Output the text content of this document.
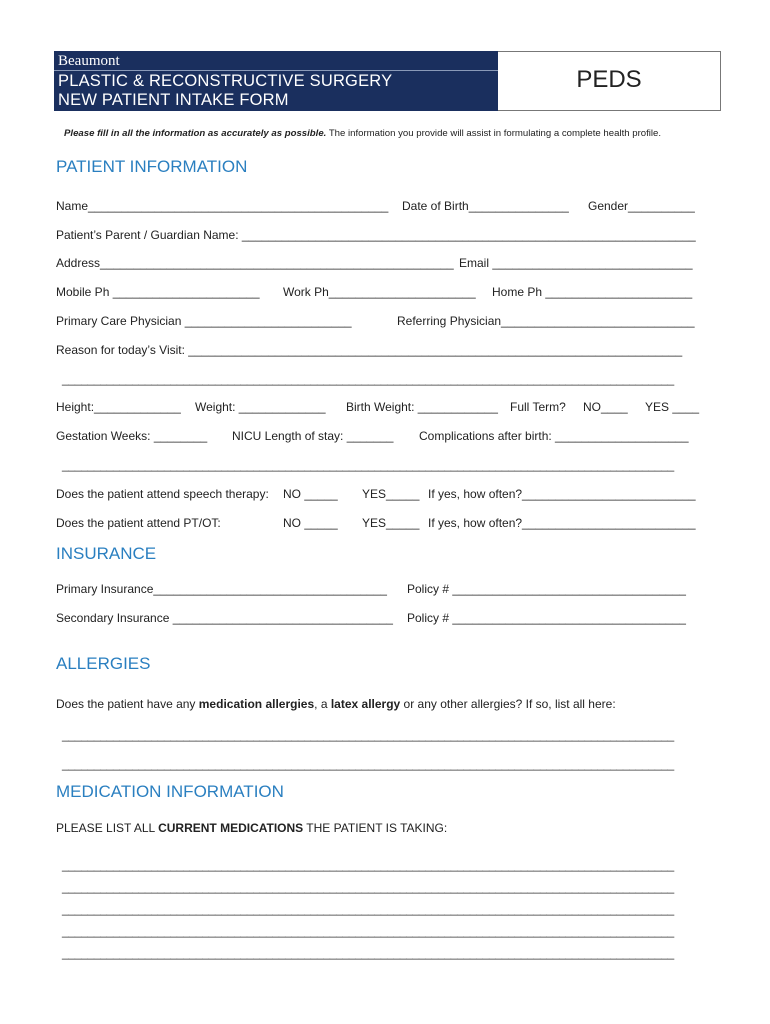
Beaumont
PLASTIC & RECONSTRUCTIVE SURGERY
NEW PATIENT INTAKE FORM
PEDS
Please fill in all the information as accurately as possible. The information you provide will assist in formulating a complete health profile.
PATIENT INFORMATION
Name_____________________________________________ Date of Birth_______________ Gender__________
Patient’s Parent / Guardian Name: ____________________________________________________________________
Address_____________________________________________________ Email ______________________________
Mobile Ph ______________________ Work Ph______________________ Home Ph ______________________
Primary Care Physician _________________________	Referring Physician_____________________________
Reason for today’s Visit: __________________________________________________________________________
________________________________________________________________________________________________
Height:_____________ Weight: _____________ Birth Weight: ____________ Full Term? NO____ YES ____
Gestation Weeks: ________ NICU Length of stay: _______ Complications after birth: ____________________
________________________________________________________________________________________________
Does the patient attend speech therapy: NO _____ YES_____ If yes, how often?__________________________
Does the patient attend PT/OT:	NO _____ YES_____ If yes, how often?__________________________
INSURANCE
Primary Insurance___________________________________ Policy # ___________________________________
Secondary Insurance _________________________________ Policy # ___________________________________
ALLERGIES
Does the patient have any medication allergies, a latex allergy or any other allergies? If so, list all here:
________________________________________________________________________________________________
________________________________________________________________________________________________
MEDICATION INFORMATION
PLEASE LIST ALL CURRENT MEDICATIONS THE PATIENT IS TAKING:
________________________________________________________________________________________________
________________________________________________________________________________________________
________________________________________________________________________________________________
________________________________________________________________________________________________
________________________________________________________________________________________________
